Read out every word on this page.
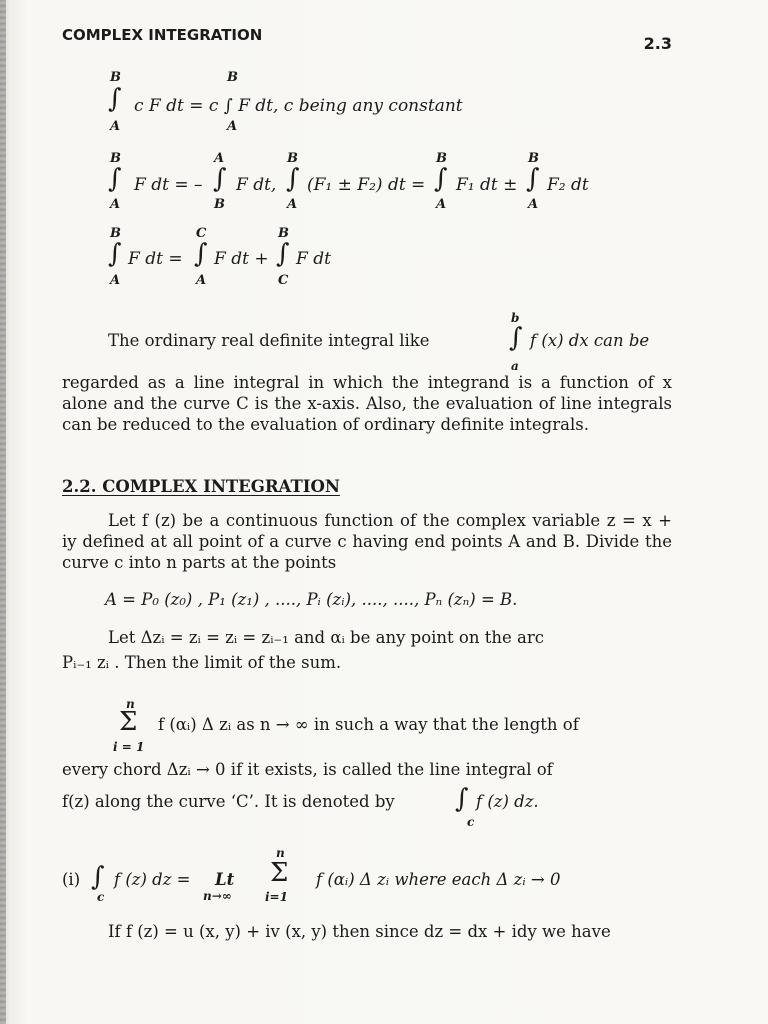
COMPLEX INTEGRATION	2.3
B
∫
A
B
A
c F dt = c ∫ F dt, c being any constant
B
∫
A
F dt = –
A
∫
B
F dt,
B
∫
A
(F₁ ± F₂) dt =
B
∫
A
F₁ dt ±
B
∫
A
F₂ dt
B
∫
A
F dt =
C
∫
A
F dt +
B
∫
C
F dt
The ordinary real definite integral like
b
∫
a
f (x) dx can be
regarded as a line integral in which the integrand is a function of x alone and the curve C is the x-axis. Also, the evaluation of line integrals can be reduced to the evaluation of ordinary definite integrals.
2.2. COMPLEX INTEGRATION
Let f (z) be a continuous function of the complex variable z = x + iy defined at all point of a curve c having end points A and B. Divide the curve c into n parts at the points
A = P₀ (z₀) , P₁ (z₁) , ...., Pᵢ (zᵢ), ...., ...., Pₙ (zₙ) = B.
Let Δzᵢ = zᵢ = zᵢ = zᵢ₋₁ and αᵢ be any point on the arc
Pᵢ₋₁ zᵢ . Then the limit of the sum.
n
Σ
i = 1
f (αᵢ) Δ zᵢ as n → ∞ in such a way that the length of
every chord Δzᵢ → 0 if it exists, is called the line integral of
f(z) along the curve ‘C’. It is denoted by ∫
c
f (z) dz.
(i) ∫
c
f (z) dz = Lt
n→∞
n
Σ
i=1
f (αᵢ) Δ zᵢ where each Δ zᵢ → 0
If f (z) = u (x, y) + iv (x, y) then since dz = dx + idy we have
